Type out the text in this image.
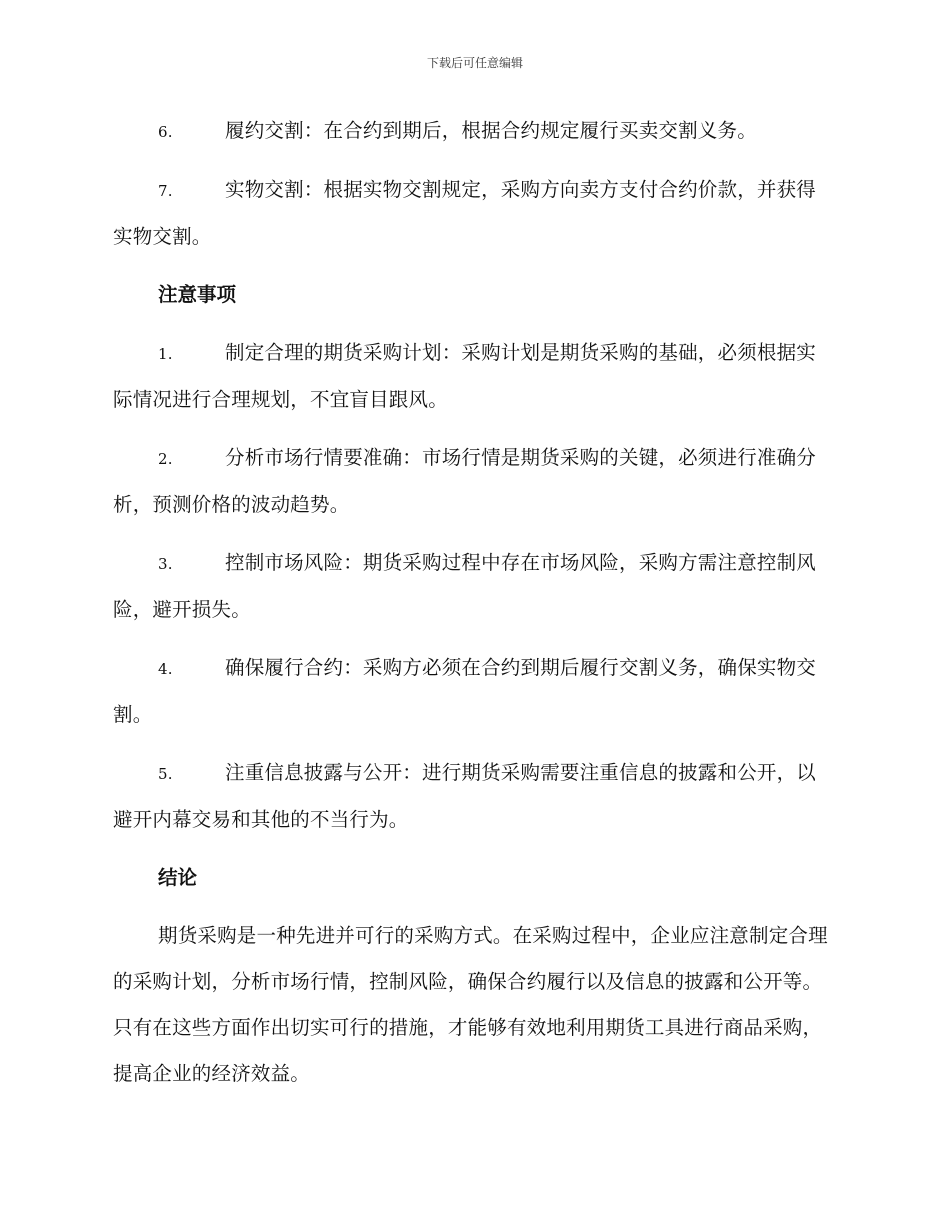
下载后可任意编辑

6.	履约交割：在合约到期后，根据合约规定履行买卖交割义务。

7.	实物交割：根据实物交割规定，采购方向卖方支付合约价款，并获得实物交割。

注意事项

1.	制定合理的期货采购计划：采购计划是期货采购的基础，必须根据实际情况进行合理规划，不宜盲目跟风。

2.	分析市场行情要准确：市场行情是期货采购的关键，必须进行准确分析，预测价格的波动趋势。

3.	控制市场风险：期货采购过程中存在市场风险，采购方需注意控制风险，避开损失。

4.	确保履行合约：采购方必须在合约到期后履行交割义务，确保实物交割。

5.	注重信息披露与公开：进行期货采购需要注重信息的披露和公开，以避开内幕交易和其他的不当行为。

结论

期货采购是一种先进并可行的采购方式。在采购过程中，企业应注意制定合理的采购计划，分析市场行情，控制风险，确保合约履行以及信息的披露和公开等。只有在这些方面作出切实可行的措施，才能够有效地利用期货工具进行商品采购，提高企业的经济效益。
